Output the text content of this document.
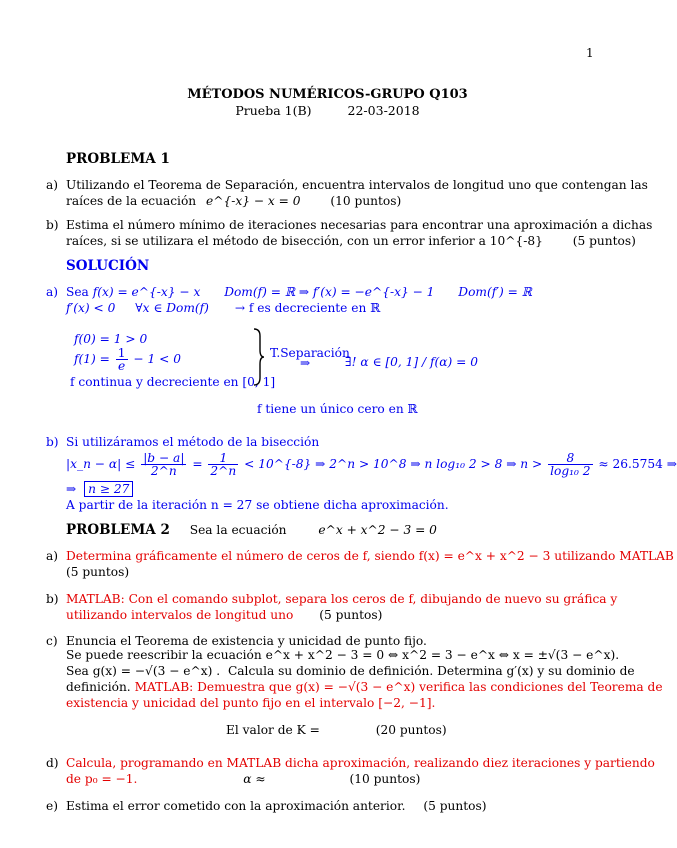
1
MÉTODOS NUMÉRICOS-GRUPO Q103
Prueba 1(B)	22-03-2018
PROBLEMA 1
a) Utilizando el Teorema de Separación, encuentra intervalos de longitud uno que contengan las
raíces de la ecuación e^{-x} − x = 0 (10 puntos)
b) Estima el número mínimo de iteraciones necesarias para encontrar una aproximación a dichas
raíces, si se utilizara el método de bisección, con un error inferior a 10^{-8} (5 puntos)
SOLUCIÓN
a) Sea f(x) = e^{-x} − x Dom(f) = ℝ ⇒ f′(x) = −e^{-x} − 1 Dom(f′) = ℝ
f′(x) < 0 ∀x ∈ Dom(f) → f es decreciente en ℝ
f(0) = 1 > 0
$f(1) = \frac{1}{e} - 1 < 0$
f continua y decreciente en [0, 1]
T.Separación
⇒	∃! α ∈ [0, 1] / f(α) = 0
f tiene un único cero en ℝ
b) Si utilizáramos el método de la bisección
|x_n − $\alpha| \le \frac{|b - a|}{2\^{}n} = \frac{1}{2\^{}n}$ < 10^{-8} ⇒ 2^n > 10^8 ⇒ n log₁₀ 2 > 8 ⇒ $n > \frac{8}{\text{log₁₀ 2}} \approx 26.5754$ ⇒
⇒ n ≥ 27
A partir de la iteración n = 27 se obtiene dicha aproximación.
PROBLEMA 2 Sea la ecuación	e^x + x^2 − 3 = 0
a) Determina gráficamente el número de ceros de f, siendo f(x) = e^x + x^2 − 3 utilizando MATLAB
(5 puntos)
b) MATLAB: Con el comando subplot, separa los ceros de f, dibujando de nuevo su gráfica y
utilizando intervalos de longitud uno (5 puntos)
c) Enuncia el Teorema de existencia y unicidad de punto fijo.
Se puede reescribir la ecuación e^x + x^2 − 3 = 0 ⇔ x^2 = 3 − e^x ⇔ x = ±√(3 − e^x).
Sea g(x) = −√(3 − e^x) . Calcula su dominio de definición. Determina g′(x) y su dominio de
definición. MATLAB: Demuestra que g(x) = −√(3 − e^x) verifica las condiciones del Teorema de
existencia y unicidad del punto fijo en el intervalo [−2, −1].
El valor de K =	(20 puntos)
d) Calcula, programando en MATLAB dicha aproximación, realizando diez iteraciones y partiendo
de p₀ = −1.	α ≈	(10 puntos)
e) Estima el error cometido con la aproximación anterior. (5 puntos)
